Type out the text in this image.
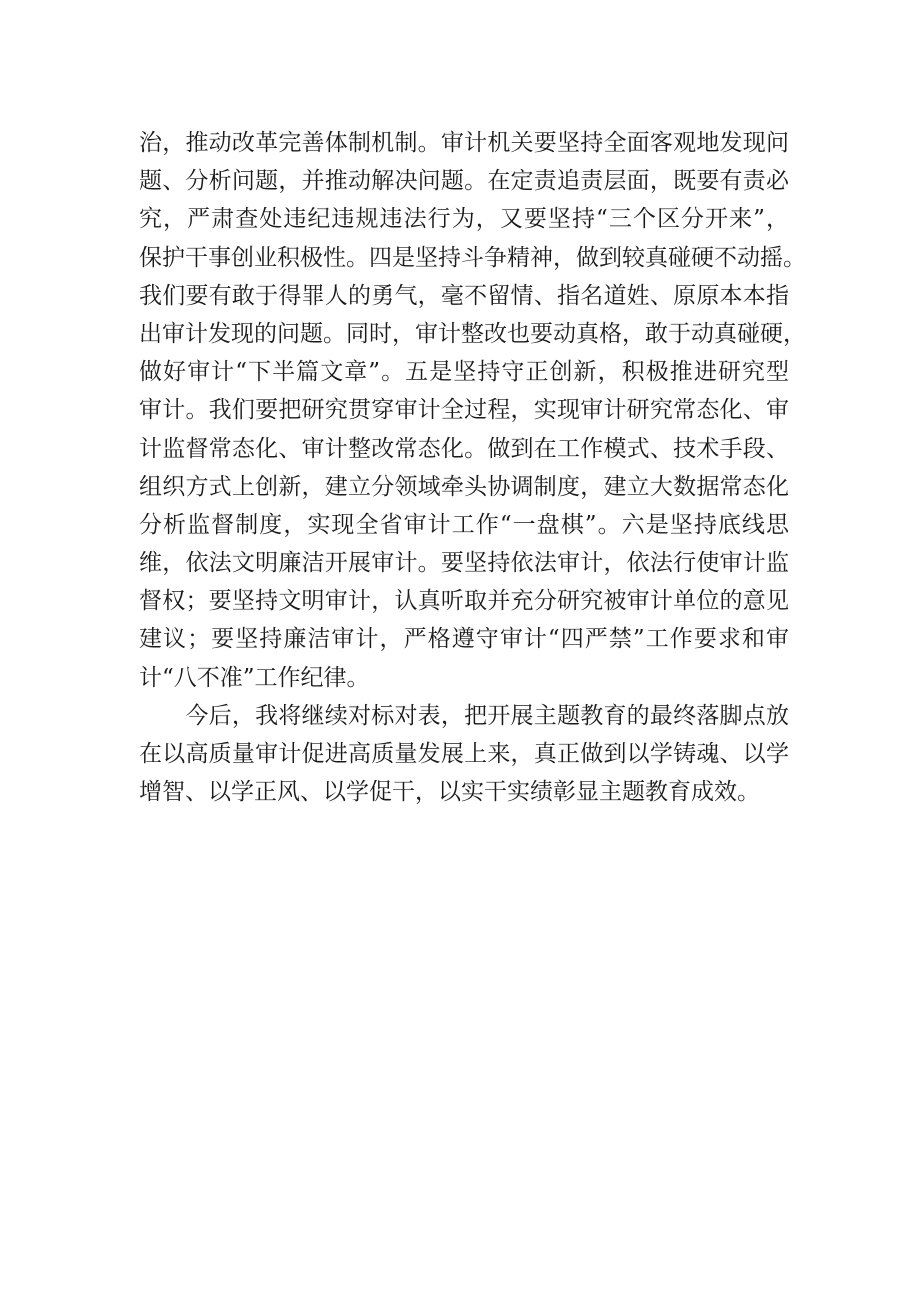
治，推动改革完善体制机制。审计机关要坚持全面客观地发现问
题、分析问题，并推动解决问题。在定责追责层面，既要有责必
究，严肃查处违纪违规违法行为，又要坚持“三个区分开来”，
保护干事创业积极性。四是坚持斗争精神，做到较真碰硬不动摇。
我们要有敢于得罪人的勇气，毫不留情、指名道姓、原原本本指
出审计发现的问题。同时，审计整改也要动真格，敢于动真碰硬，
做好审计“下半篇文章”。五是坚持守正创新，积极推进研究型
审计。我们要把研究贯穿审计全过程，实现审计研究常态化、审
计监督常态化、审计整改常态化。做到在工作模式、技术手段、
组织方式上创新，建立分领域牵头协调制度，建立大数据常态化
分析监督制度，实现全省审计工作“一盘棋”。六是坚持底线思
维，依法文明廉洁开展审计。要坚持依法审计，依法行使审计监
督权；要坚持文明审计，认真听取并充分研究被审计单位的意见
建议；要坚持廉洁审计，严格遵守审计“四严禁”工作要求和审
计“八不准”工作纪律。
　　今后，我将继续对标对表，把开展主题教育的最终落脚点放
在以高质量审计促进高质量发展上来，真正做到以学铸魂、以学
增智、以学正风、以学促干，以实干实绩彰显主题教育成效。
